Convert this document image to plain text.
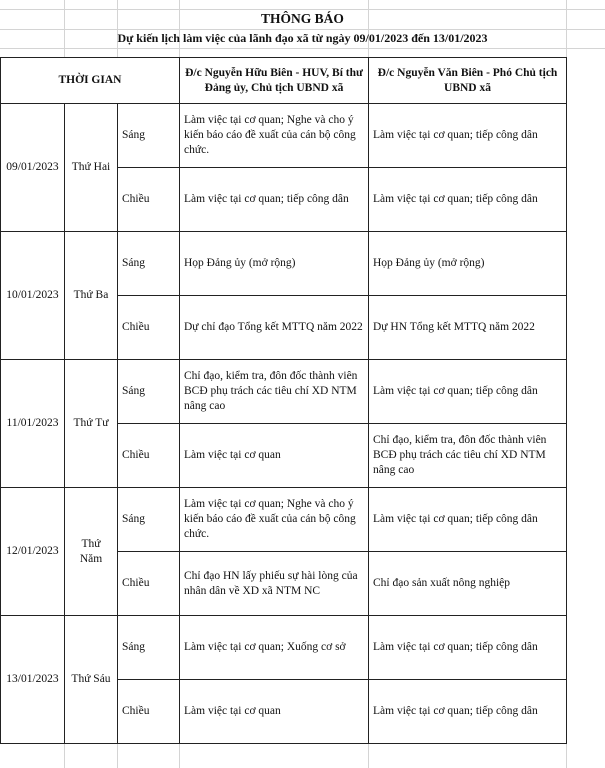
THÔNG BÁO
Dự kiến lịch làm việc của lãnh đạo xã từ ngày 09/01/2023 đến 13/01/2023
THỜI GIAN			Đ/c Nguyễn Hữu Biên - HUV, Bí thư Đảng ủy, Chủ tịch UBND xã	Đ/c Nguyễn Văn Biên - Phó Chủ tịch UBND xã	
09/01/2023	Thứ Hai	Sáng	Làm việc tại cơ quan; Nghe và cho ý kiến báo cáo đề xuất của cán bộ công chức.	Làm việc tại cơ quan; tiếp công dân	
		Chiều	Làm việc tại cơ quan; tiếp công dân	Làm việc tại cơ quan; tiếp công dân	
10/01/2023	Thứ Ba	Sáng	Họp Đảng ủy (mở rộng)	Họp Đảng ủy (mở rộng)	
		Chiều	Dự chỉ đạo Tổng kết MTTQ năm 2022	Dự HN Tổng kết MTTQ năm 2022	
11/01/2023	Thứ Tư	Sáng	Chỉ đạo, kiểm tra, đôn đốc thành viên BCĐ phụ trách các tiêu chí XD NTM nâng cao	Làm việc tại cơ quan; tiếp công dân	
		Chiều	Làm việc tại cơ quan	Chỉ đạo, kiểm tra, đôn đốc thành viên BCĐ phụ trách các tiêu chí XD NTM nâng cao	
12/01/2023	Thứ Năm	Sáng	Làm việc tại cơ quan; Nghe và cho ý kiến báo cáo đề xuất của cán bộ công chức.	Làm việc tại cơ quan; tiếp công dân	
		Chiều	Chỉ đạo HN lấy phiếu sự hài lòng của nhân dân về XD xã NTM NC	Chỉ đạo sản xuất nông nghiệp	
13/01/2023	Thứ Sáu	Sáng	Làm việc tại cơ quan; Xuống cơ sở	Làm việc tại cơ quan; tiếp công dân	
		Chiều	Làm việc tại cơ quan	Làm việc tại cơ quan; tiếp công dân	
